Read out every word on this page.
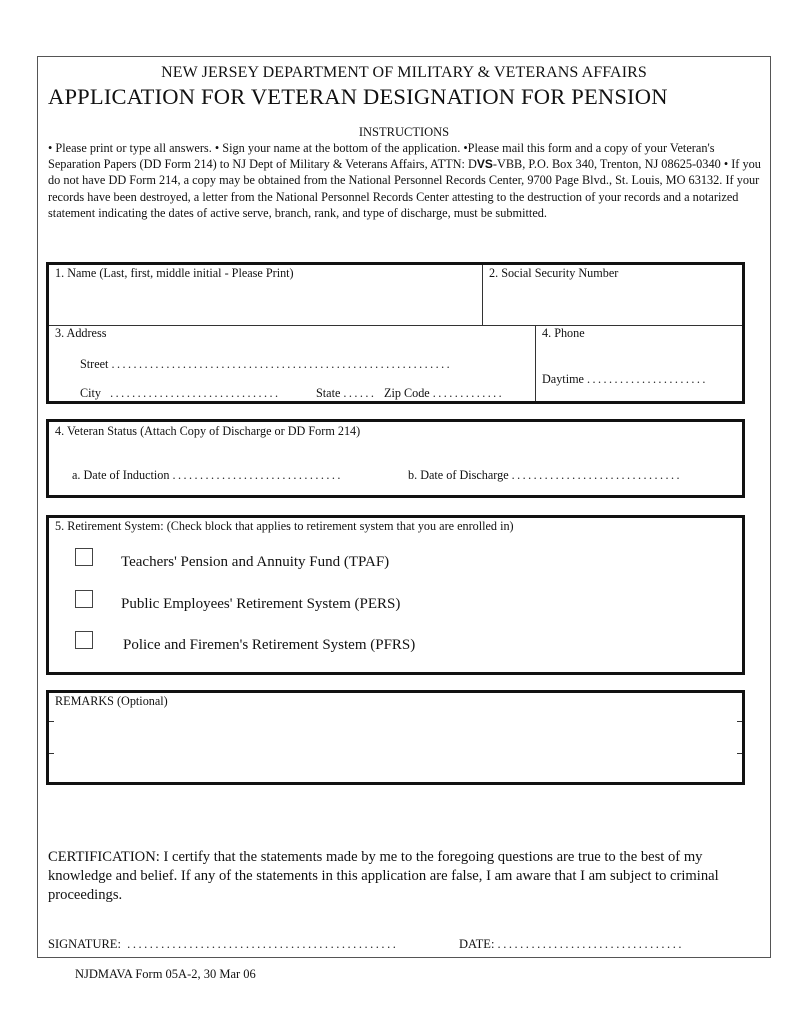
NEW JERSEY DEPARTMENT OF MILITARY & VETERANS AFFAIRS
APPLICATION FOR VETERAN DESIGNATION FOR PENSION
INSTRUCTIONS
• Please print or type all answers. • Sign your name at the bottom of the application. •Please mail this form and a copy of your Veteran's Separation Papers (DD Form 214) to NJ Dept of Military & Veterans Affairs, ATTN: DVS-VBB, P.O. Box 340, Trenton, NJ 08625-0340 • If you do not have DD Form 214, a copy may be obtained from the National Personnel Records Center, 9700 Page Blvd., St. Louis, MO 63132. If your records have been destroyed, a letter from the National Personnel Records Center attesting to the destruction of your records and a notarized statement indicating the dates of active serve, branch, rank, and type of discharge, must be submitted.
1. Name (Last, first, middle initial - Please Print)	2. Social Security Number
3. Address
Street . . . . . . . . . . . . . . . . . . . . . . . . . . . . . . . . . . . . . . . . . . . . . . . . . . . . . . . . . . . . . .
City . . . . . . . . . . . . . . . . . . . . . . . . . . . . . . .	State . . . . . . Zip Code . . . . . . . . . . . . .
4. Phone
Daytime . . . . . . . . . . . . . . . . . . . . . .
4. Veteran Status (Attach Copy of Discharge or DD Form 214)
a. Date of Induction . . . . . . . . . . . . . . . . . . . . . . . . . . . . . . .	b. Date of Discharge . . . . . . . . . . . . . . . . . . . . . . . . . . . . . . .
5. Retirement System: (Check block that applies to retirement system that you are enrolled in)
Teachers' Pension and Annuity Fund (TPAF)
Public Employees' Retirement System (PERS)
Police and Firemen's Retirement System (PFRS)
REMARKS (Optional)
CERTIFICATION: I certify that the statements made by me to the foregoing questions are true to the best of my knowledge and belief. If any of the statements in this application are false, I am aware that I am subject to criminal proceedings.
SIGNATURE: . . . . . . . . . . . . . . . . . . . . . . . . . . . . . . . . . . . . . . . . . . . . . . . .	DATE: . . . . . . . . . . . . . . . . . . . . . . . . . . . . . . . . .
NJDMAVA Form 05A-2, 30 Mar 06
